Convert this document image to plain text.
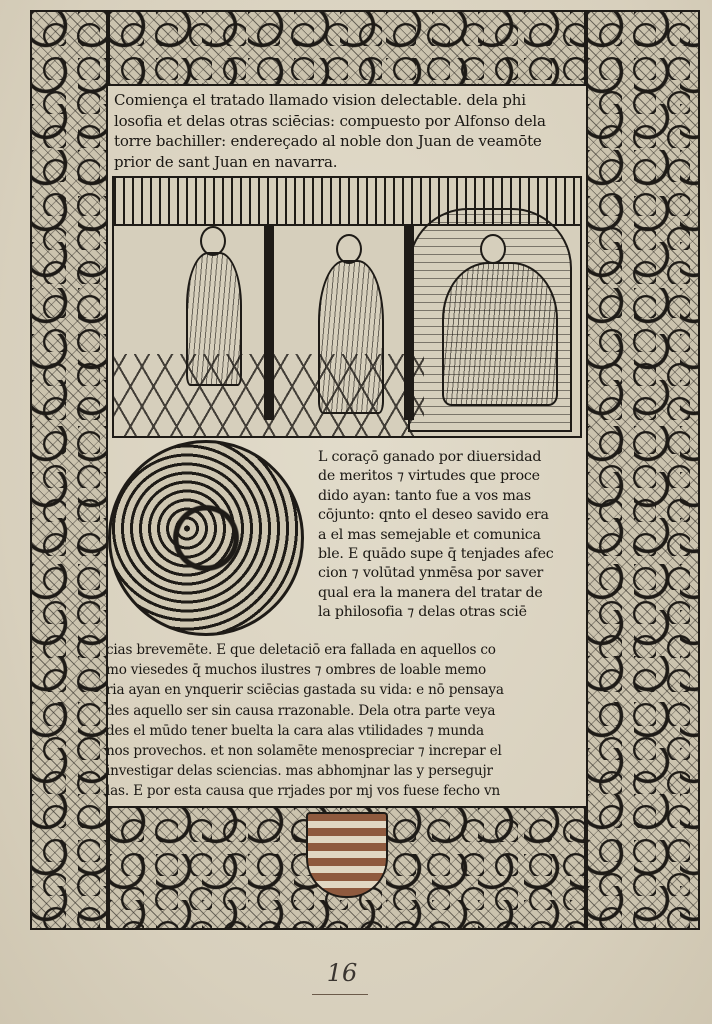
Comiença el tratado llamado vision delectable. dela phi
losofia et delas otras sciēcias: compuesto por Alfonso dela
torre bachiller: endereçado al noble don Juan de veamōte
prior de sant Juan en navarra.
L coraçō ganado por diuersidad
de meritos ⁊ virtudes que proce
dido ayan: tanto fue a vos mas
cōjunto: qnto el deseo savido era
a el mas semejable et comunica
ble. E quādo supe q̄ tenjades afec
cion ⁊ volūtad ynmēsa por saver
qual era la manera del tratar de
la philosofia ⁊ delas otras sciē
cias brevemēte. E que deletaciō era fallada en aquellos co
mo viesedes q̄ muchos ilustres ⁊ ombres de loable memo
ria ayan en ynquerir sciēcias gastada su vida: e nō pensaya
des aquello ser sin causa rrazonable. Dela otra parte veya
des el mūdo tener buelta la cara alas vtilidades ⁊ munda
nos provechos. et non solamēte menospreciar ⁊ increpar el
investigar delas sciencias. mas abhomjnar las y persegujr
las. E por esta causa que rrjades por mj vos fuese fecho vn
16
